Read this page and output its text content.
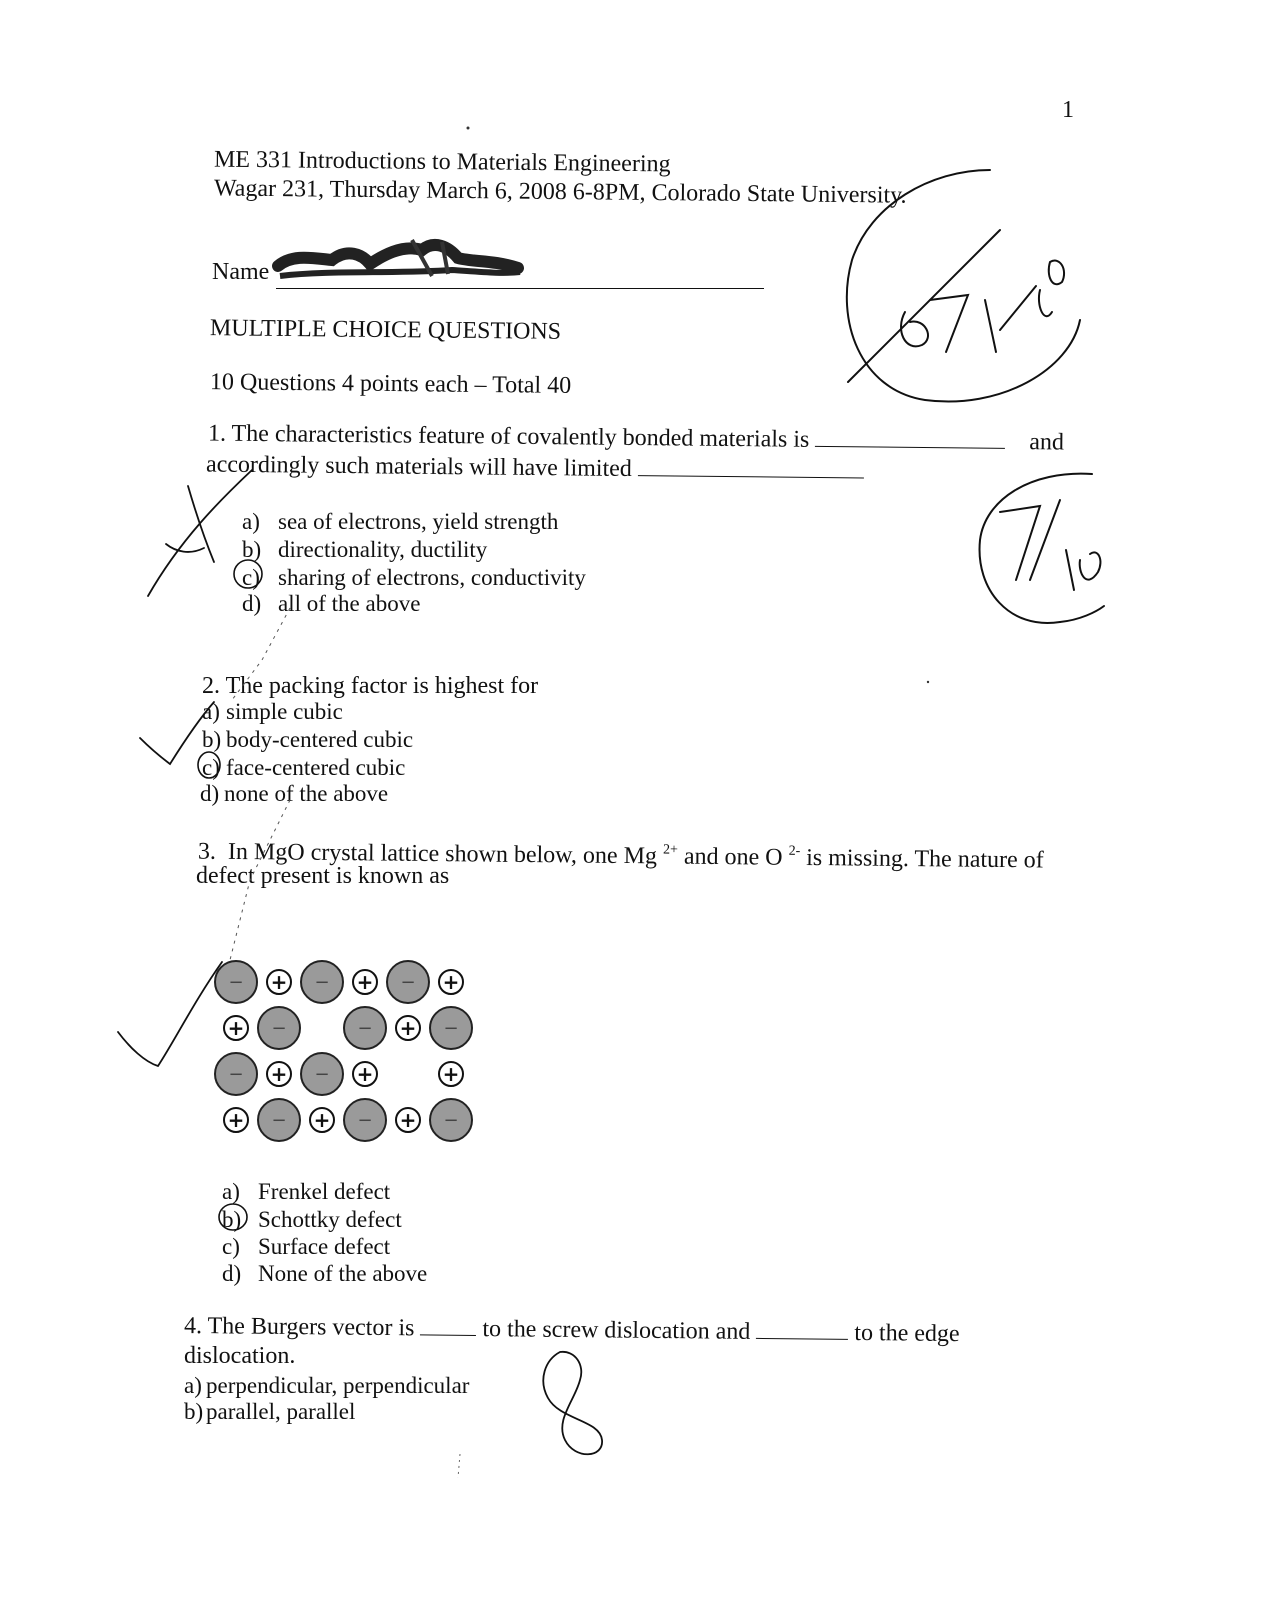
1
ME 331 Introductions to Materials Engineering
Wagar 231, Thursday March 6, 2008 6-8PM, Colorado State University.
Name
MULTIPLE CHOICE QUESTIONS
10 Questions 4 points each – Total 40
1. The characteristics feature of covalently bonded materials is	and
accordingly such materials will have limited
a) sea of electrons, yield strength
b) directionality, ductility
c) sharing of electrons, conductivity
d) all of the above
2. The packing factor is highest for
a) simple cubic
b) body-centered cubic
c) face-centered cubic
d) none of the above
3. In MgO crystal lattice shown below, one Mg $^{2+}$ and one O $^{2-}$ is missing. The nature of
defect present is known as
− + − + − +
+ −	− + −
− + − +	+
+ − + − + −
a) Frenkel defect
b) Schottky defect
c) Surface defect
d) None of the above
4. The Burgers vector is	to the screw dislocation and	to the edge
dislocation.
a) perpendicular, perpendicular
b) parallel, parallel
